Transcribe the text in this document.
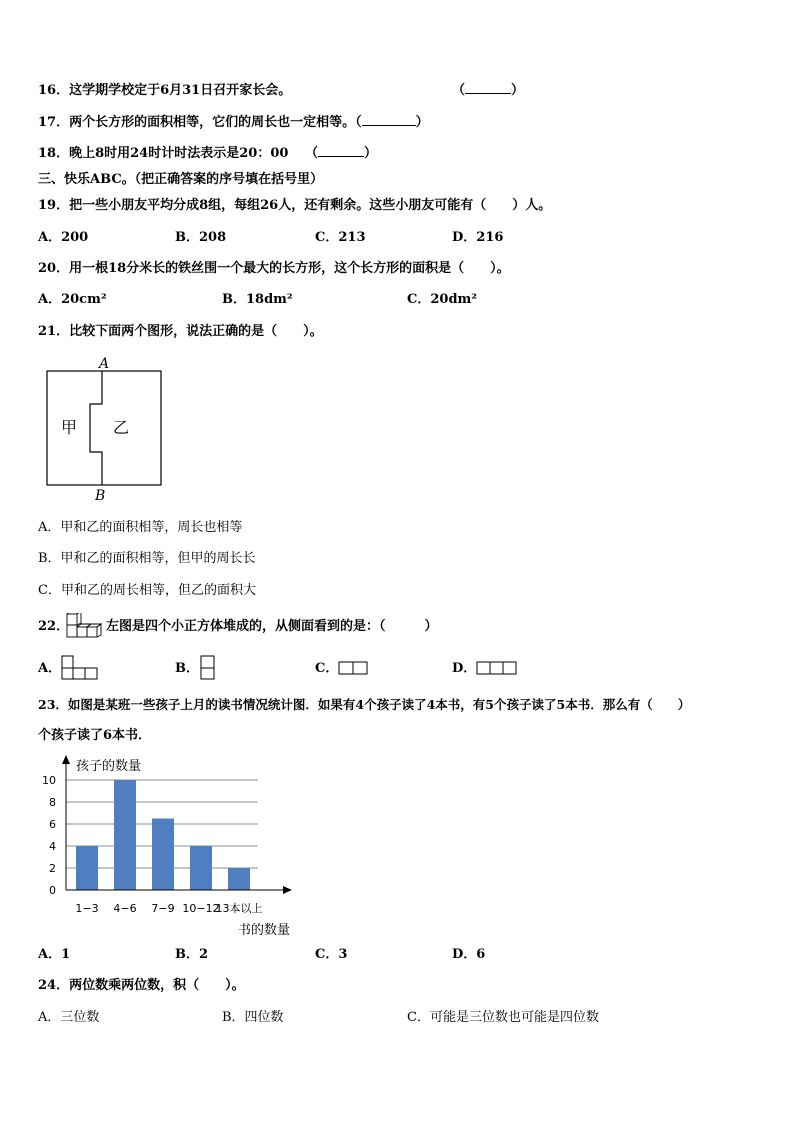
16．这学期学校定于6月31日召开家长会。	（	）
17．两个长方形的面积相等，它们的周长也一定相等。（	）
18．晚上8时用24时计时法表示是20：00 （	）
三、快乐ABC。（把正确答案的序号填在括号里）
19．把一些小朋友平均分成8组，每组26人，还有剩余。这些小朋友可能有（　　）人。
A．200	B．208	C．213	D．216
20．用一根18分米长的铁丝围一个最大的长方形，这个长方形的面积是（　　）。
A．20cm²	B．18dm²	C．20dm²
21．比较下面两个图形，说法正确的是（　　）。
A
B
甲 乙
A．甲和乙的面积相等，周长也相等
B．甲和乙的面积相等，但甲的周长长
C．甲和乙的周长相等，但乙的面积大
22．	左图是四个小正方体堆成的，从侧面看到的是：（　　　）
A．	B．	C．	D．
23．如图是某班一些孩子上月的读书情况统计图．如果有4个孩子读了4本书，有5个孩子读了5本书．那么有（　　）
个孩子读了6本书．
孩子的数量
书的数量
0
2
4
6
8
10
1−3 4−6 7−9 10−12
13本以上
A．1	B．2	C．3	D．6
24．两位数乘两位数，积（　　）。
A．三位数	B．四位数	C．可能是三位数也可能是四位数
